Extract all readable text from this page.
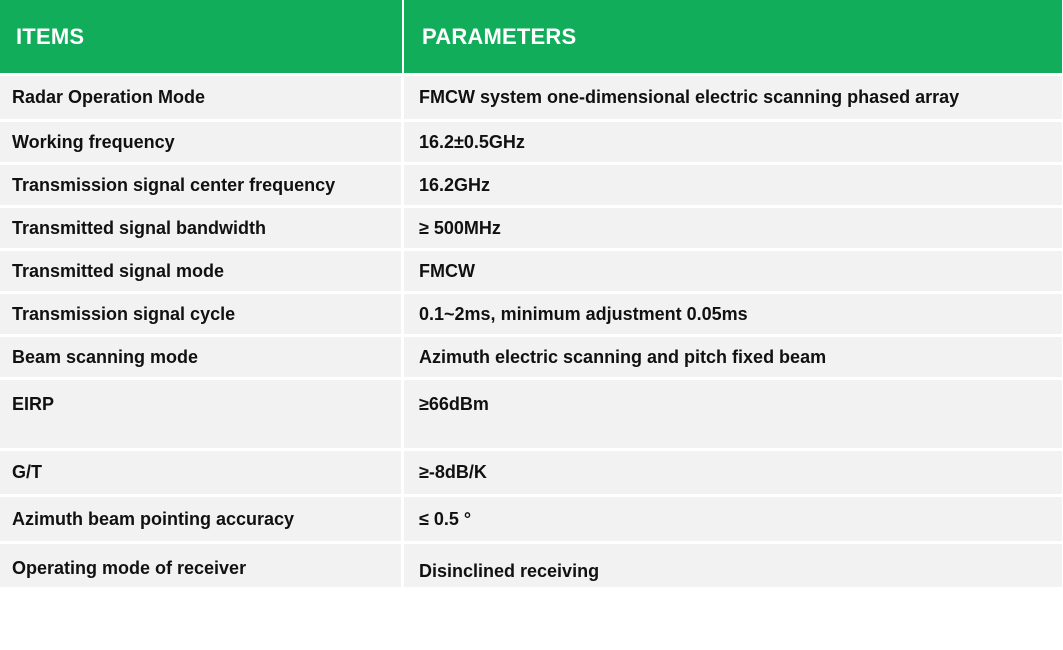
ITEMS	PARAMETERS
Radar Operation Mode	FMCW system one-dimensional electric scanning phased array
Working frequency	16.2±0.5GHz
Transmission signal center frequency	16.2GHz
Transmitted signal bandwidth	≥ 500MHz
Transmitted signal mode	FMCW
Transmission signal cycle	0.1~2ms, minimum adjustment 0.05ms
Beam scanning mode	Azimuth electric scanning and pitch fixed beam
EIRP	≥66dBm
G/T	≥-8dB/K
Azimuth beam pointing accuracy	≤ 0.5 °
Operating mode of receiver	Disinclined receiving
